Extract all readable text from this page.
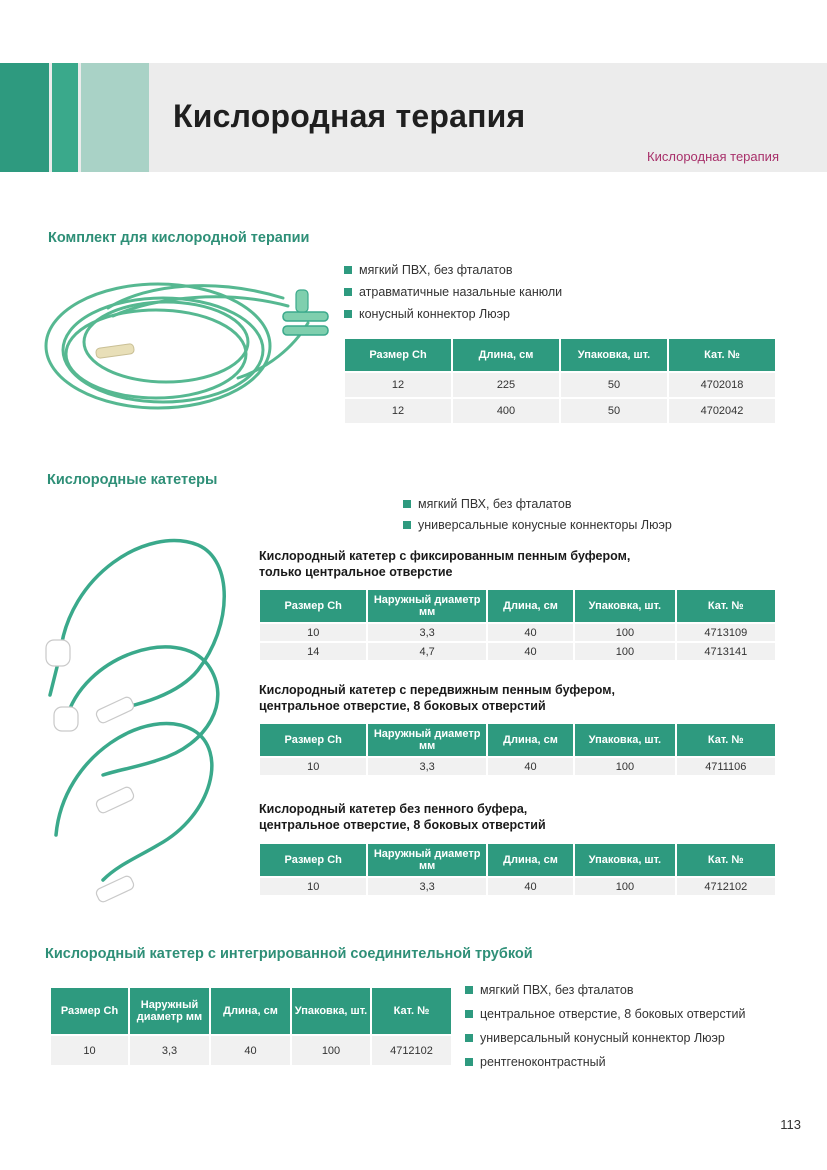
Кислородная терапия
Кислородная терапия
Комплект для кислородной терапии
мягкий ПВХ, без фталатов
атравматичные назальные канюли
конусный коннектор Люэр
Размер Ch	Длина, см	Упаковка, шт.	Кат. №
12	225	50	4702018
12	400	50	4702042
Кислородные катетеры
мягкий ПВХ, без фталатов
универсальные конусные коннекторы Люэр
Кислородный катетер с фиксированным пенным буфером,
только центральное отверстие
Размер Ch	Наружный диаметр мм	Длина, см	Упаковка, шт.	Кат. №
10	3,3	40	100	4713109
14	4,7	40	100	4713141
Кислородный катетер с передвижным пенным буфером,
центральное отверстие, 8 боковых отверстий
Размер Ch	Наружный диаметр мм	Длина, см	Упаковка, шт.	Кат. №
10	3,3	40	100	4711106
Кислородный катетер без пенного буфера,
центральное отверстие, 8 боковых отверстий
Размер Ch	Наружный диаметр мм	Длина, см	Упаковка, шт.	Кат. №
10	3,3	40	100	4712102
Кислородный катетер с интегрированной соединительной трубкой
Размер Ch	Наружный диаметр мм	Длина, см	Упаковка, шт.	Кат. №
10	3,3	40	100	4712102
мягкий ПВХ, без фталатов
центральное отверстие, 8 боковых отверстий
универсальный конусный коннектор Люэр
рентгеноконтрастный
113
